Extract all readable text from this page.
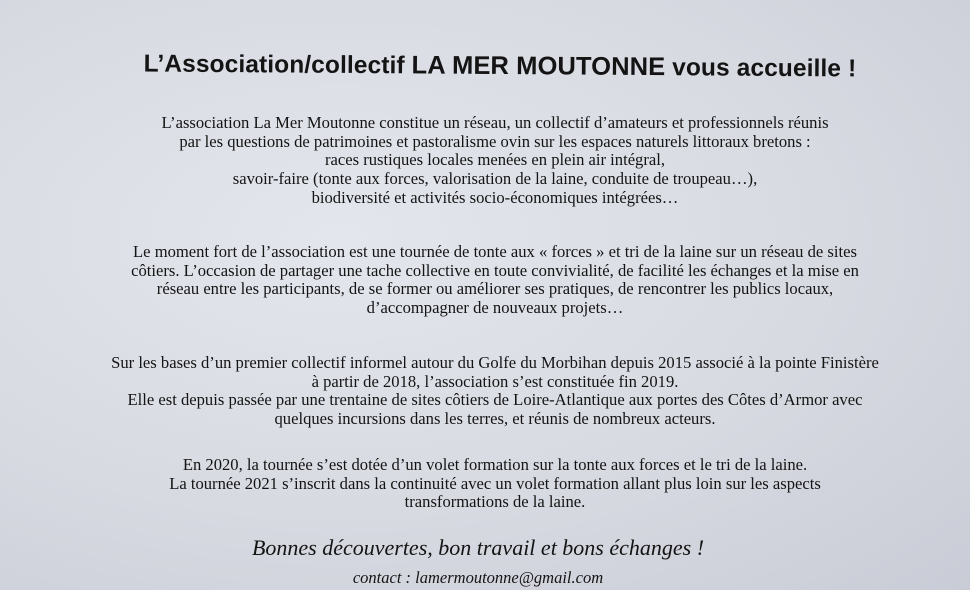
L’Association/collectif LA MER MOUTONNE vous accueille !
L’association La Mer Moutonne constitue un réseau, un collectif d’amateurs et professionnels réunis
par les questions de patrimoines et pastoralisme ovin sur les espaces naturels littoraux bretons :
races rustiques locales menées en plein air intégral,
savoir-faire (tonte aux forces, valorisation de la laine, conduite de troupeau…),
biodiversité et activités socio-économiques intégrées…
Le moment fort de l’association est une tournée de tonte aux « forces » et tri de la laine sur un réseau de sites
côtiers. L’occasion de partager une tache collective en toute convivialité, de facilité les échanges et la mise en
réseau entre les participants, de se former ou améliorer ses pratiques, de rencontrer les publics locaux,
d’accompagner de nouveaux projets…
Sur les bases d’un premier collectif informel autour du Golfe du Morbihan depuis 2015 associé à la pointe Finistère
à partir de 2018, l’association s’est constituée fin 2019.
Elle est depuis passée par une trentaine de sites côtiers de Loire-Atlantique aux portes des Côtes d’Armor avec
quelques incursions dans les terres, et réunis de nombreux acteurs.
En 2020, la tournée s’est dotée d’un volet formation sur la tonte aux forces et le tri de la laine.
La tournée 2021 s’inscrit dans la continuité avec un volet formation allant plus loin sur les aspects
transformations de la laine.
Bonnes découvertes, bon travail et bons échanges !
contact : lamermoutonne@gmail.com
